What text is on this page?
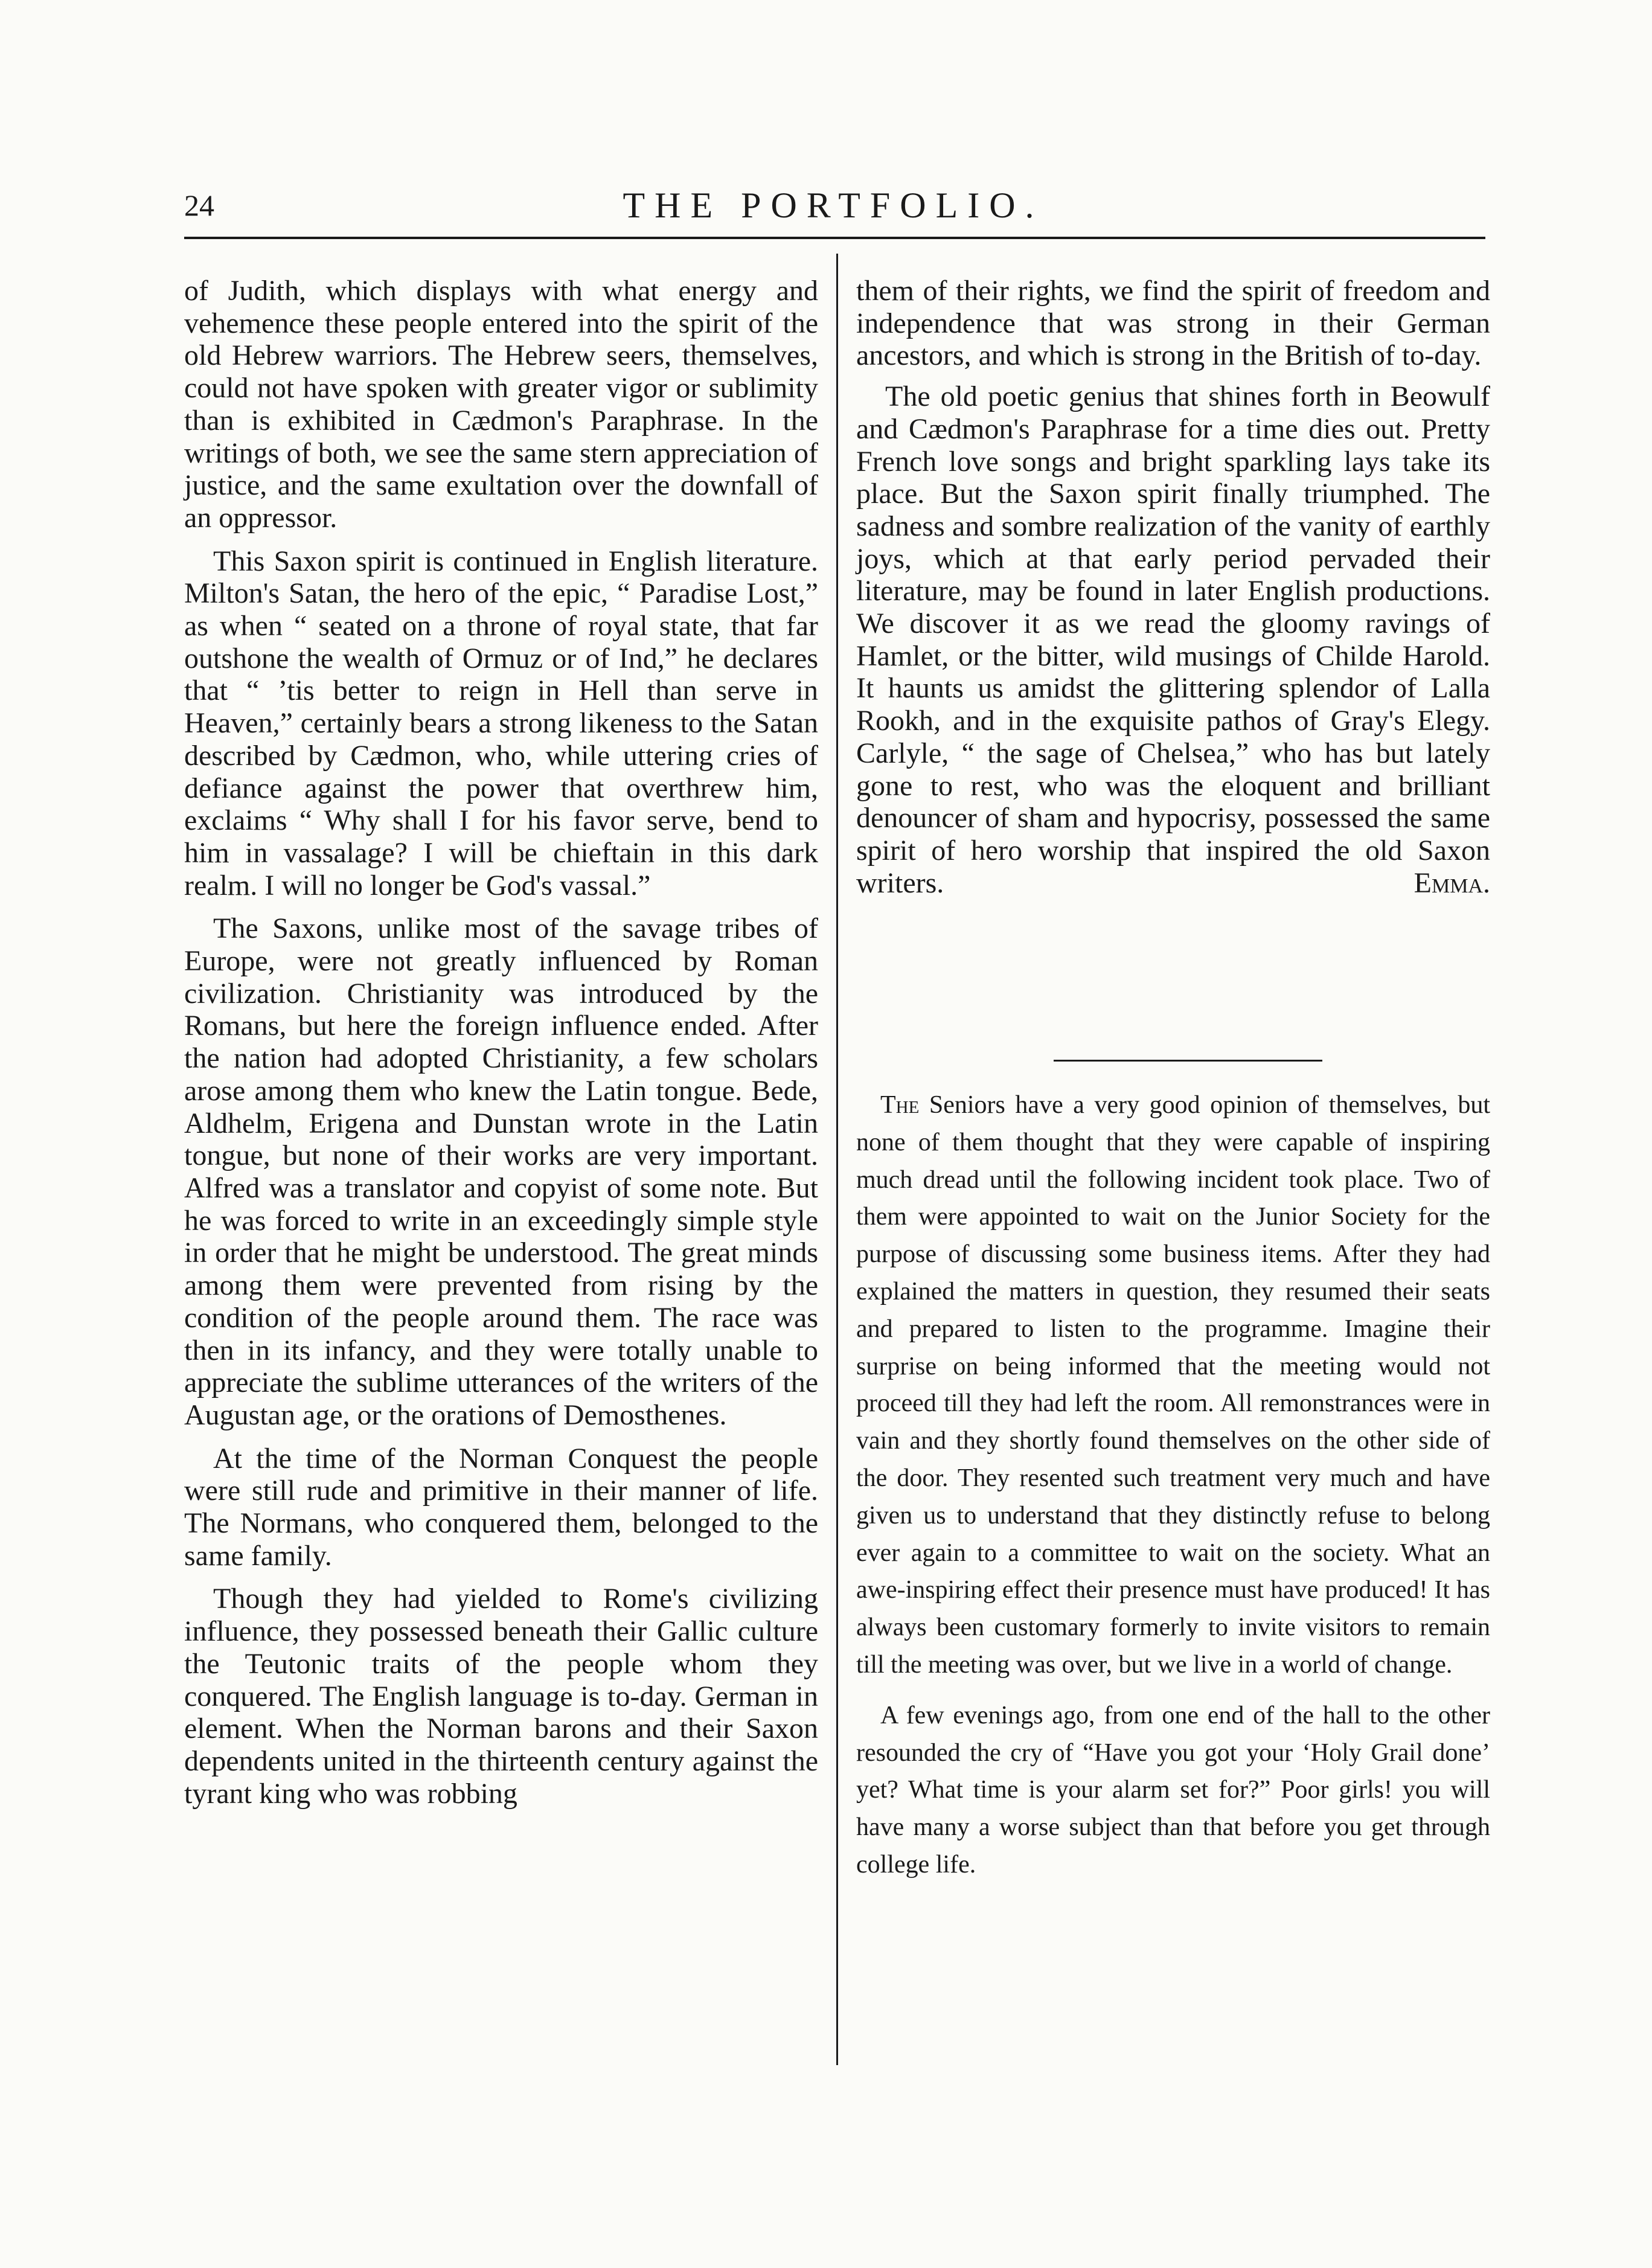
24	THE PORTFOLIO.

of Judith, which displays with what energy and vehemence these people entered into the spirit of the old Hebrew warriors. The Hebrew seers, themselves, could not have spoken with greater vigor or sublimity than is exhibited in Cædmon's Paraphrase. In the writings of both, we see the same stern appreciation of justice, and the same exultation over the downfall of an oppressor.

This Saxon spirit is continued in English literature. Milton's Satan, the hero of the epic, “ Paradise Lost,” as when “ seated on a throne of royal state, that far outshone the wealth of Ormuz or of Ind,” he declares that “ ’tis better to reign in Hell than serve in Heaven,” certainly bears a strong likeness to the Satan described by Cædmon, who, while uttering cries of defiance against the power that overthrew him, exclaims “ Why shall I for his favor serve, bend to him in vassalage? I will be chieftain in this dark realm. I will no longer be God's vassal.”

The Saxons, unlike most of the savage tribes of Europe, were not greatly influenced by Roman civilization. Christianity was introduced by the Romans, but here the foreign influence ended. After the nation had adopted Christianity, a few scholars arose among them who knew the Latin tongue. Bede, Aldhelm, Erigena and Dunstan wrote in the Latin tongue, but none of their works are very important. Alfred was a translator and copyist of some note. But he was forced to write in an exceedingly simple style in order that he might be understood. The great minds among them were prevented from rising by the condition of the people around them. The race was then in its infancy, and they were totally unable to appreciate the sublime utterances of the writers of the Augustan age, or the orations of Demosthenes.

At the time of the Norman Conquest the people were still rude and primitive in their manner of life. The Normans, who conquered them, belonged to the same family.

Though they had yielded to Rome's civilizing influence, they possessed beneath their Gallic culture the Teutonic traits of the people whom they conquered. The English language is to-day. German in element. When the Norman barons and their Saxon dependents united in the thirteenth century against the tyrant king who was robbing

them of their rights, we find the spirit of freedom and independence that was strong in their German ancestors, and which is strong in the British of to-day.

The old poetic genius that shines forth in Beowulf and Cædmon's Paraphrase for a time dies out. Pretty French love songs and bright sparkling lays take its place. But the Saxon spirit finally triumphed. The sadness and sombre realization of the vanity of earthly joys, which at that early period pervaded their literature, may be found in later English productions. We discover it as we read the gloomy ravings of Hamlet, or the bitter, wild musings of Childe Harold. It haunts us amidst the glittering splendor of Lalla Rookh, and in the exquisite pathos of Gray's Elegy. Carlyle, “ the sage of Chelsea,” who has but lately gone to rest, who was the eloquent and brilliant denouncer of sham and hypocrisy, possessed the same spirit of hero worship that inspired the old Saxon writers.	Emma.

The Seniors have a very good opinion of themselves, but none of them thought that they were capable of inspiring much dread until the following incident took place. Two of them were appointed to wait on the Junior Society for the purpose of discussing some business items. After they had explained the matters in question, they resumed their seats and prepared to listen to the programme. Imagine their surprise on being informed that the meeting would not proceed till they had left the room. All remonstrances were in vain and they shortly found themselves on the other side of the door. They resented such treatment very much and have given us to understand that they distinctly refuse to belong ever again to a committee to wait on the society. What an awe-inspiring effect their presence must have produced! It has always been customary formerly to invite visitors to remain till the meeting was over, but we live in a world of change.

A few evenings ago, from one end of the hall to the other resounded the cry of “Have you got your ‘Holy Grail done’ yet? What time is your alarm set for?” Poor girls! you will have many a worse subject than that before you get through college life.
